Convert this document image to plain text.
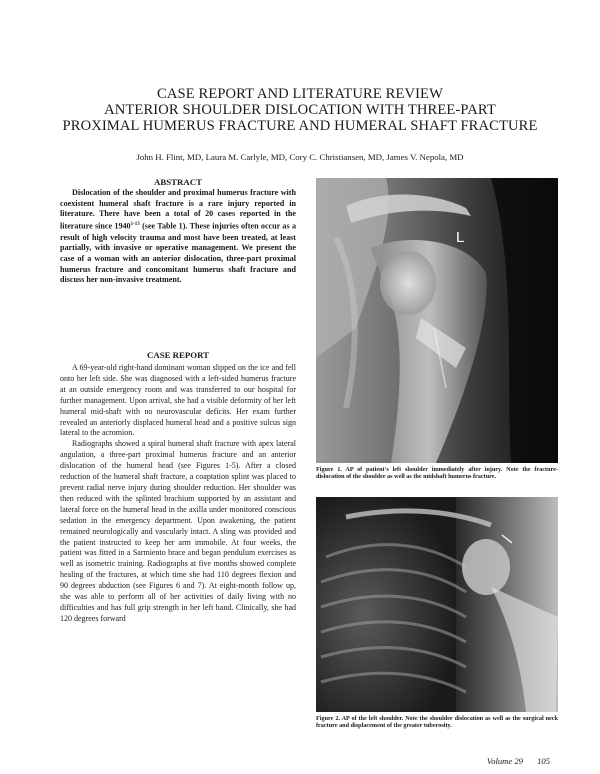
CASE REPORT AND LITERATURE REVIEW
ANTERIOR SHOULDER DISLOCATION WITH THREE-PART
PROXIMAL HUMERUS FRACTURE AND HUMERAL SHAFT FRACTURE
John H. Flint, MD, Laura M. Carlyle, MD, Cory C. Christiansen, MD, James V. Nepola, MD
ABSTRACT

Dislocation of the shoulder and proximal humerus fracture with coexistent humeral shaft fracture is a rare injury reported in literature. There have been a total of 20 cases reported in the literature since 1940$^{1-13}$ (see Table 1). These injuries often occur as a result of high velocity trauma and most have been treated, at least partially, with invasive or operative management. We present the case of a woman with an anterior dislocation, three-part proximal humerus fracture and concomitant humerus shaft fracture and discuss her non-invasive treatment.

CASE REPORT

A 69-year-old right-hand dominant woman slipped on the ice and fell onto her left side. She was diagnosed with a left-sided humerus fracture at an outside emergency room and was transferred to our hospital for further management. Upon arrival, she had a visible deformity of her left humeral mid-shaft with no neurovascular deficits. Her exam further revealed an anteriorly displaced humeral head and a positive sulcus sign lateral to the acromion.

Radiographs showed a spiral humeral shaft fracture with apex lateral angulation, a three-part proximal humerus fracture and an anterior dislocation of the humeral head (see Figures 1-5). After a closed reduction of the humeral shaft fracture, a coaptation splint was placed to prevent radial nerve injury during shoulder reduction. Her shoulder was then reduced with the splinted brachium supported by an assistant and lateral force on the humeral head in the axilla under monitored conscious sedation in the emergency department. Upon awakening, the patient remained neurologically and vascularly intact. A sling was provided and the patient instructed to keep her arm immobile. At four weeks, the patient was fitted in a Sarmiento brace and began pendulum exercises as well as isometric training. Radiographs at five months showed complete healing of the fractures, at which time she had 110 degrees flexion and 90 degrees abduction (see Figures 6 and 7). At eight-month follow up, she was able to perform all of her activities of daily living with no difficulties and has full grip strength in her left hand. Clinically, she had 120 degrees forward

L
Figure 1. AP of patient's left shoulder immediately after injury. Note the fracture-dislocation of the shoulder as well as the midshaft humerus fracture.
Figure 2. AP of the left shoulder. Note the shoulder dislocation as well as the surgical neck fracture and displacement of the greater tuberosity.
Volume 29 105
